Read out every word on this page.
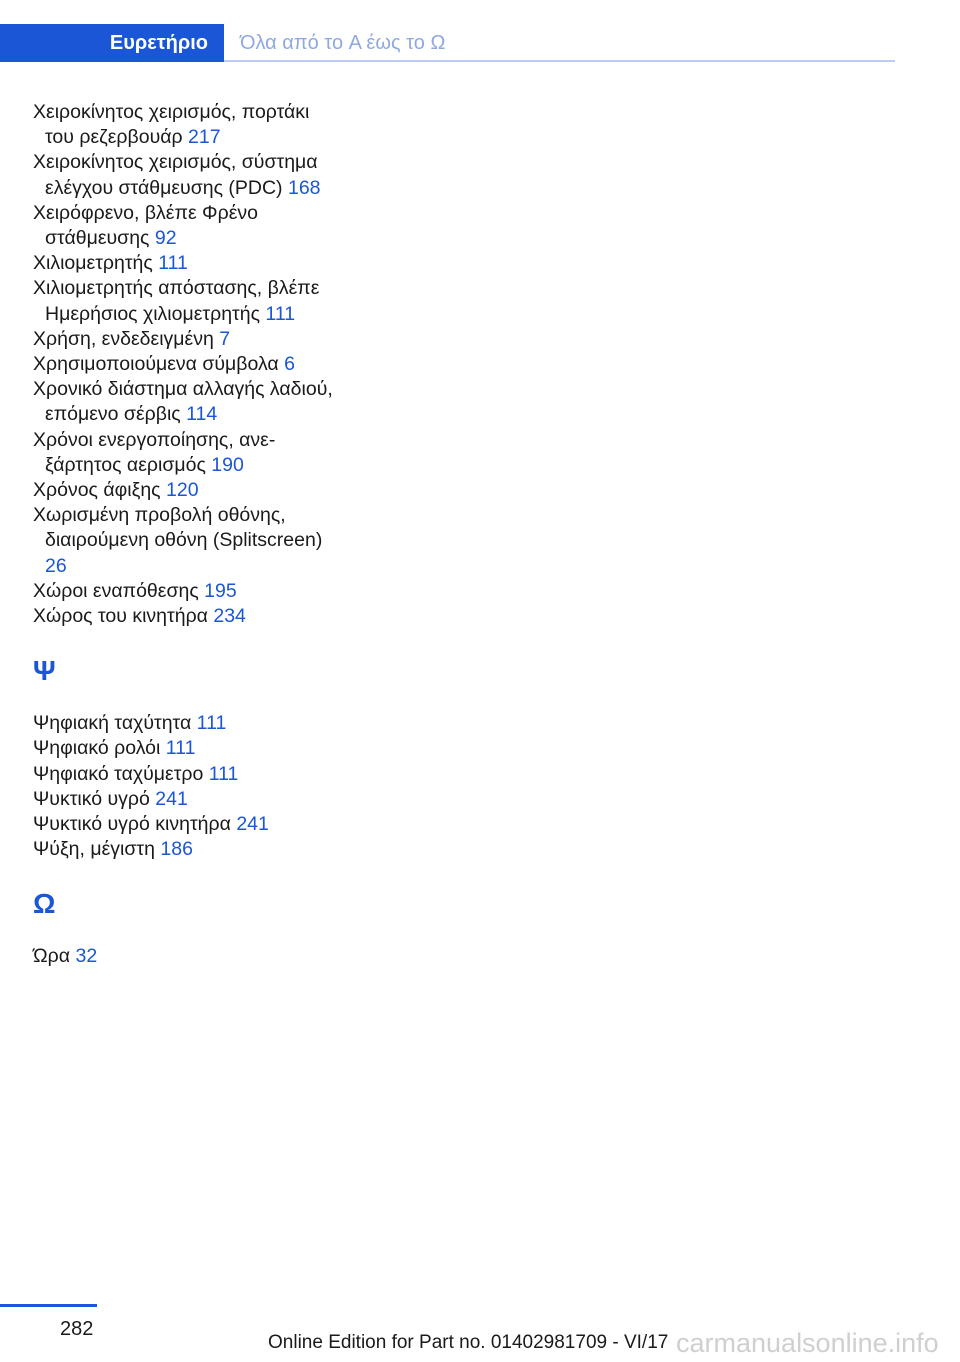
Ευρετήριο	Όλα από το A έως το Ω
Χειροκίνητος χειρισμός, πορτάκι του ρεζερβουάρ 217
Χειροκίνητος χειρισμός, σύστημα ελέγχου στάθμευσης (PDC) 168
Χειρόφρενο, βλέπε Φρένο στάθμευσης 92
Χιλιομετρητής 111
Χιλιομετρητής απόστασης, βλέπε Ημερήσιος χιλιομετρητής 111
Χρήση, ενδεδειγμένη 7
Χρησιμοποιούμενα σύμβολα 6
Χρονικό διάστημα αλλαγής λαδιού, επόμενο σέρβις 114
Χρόνοι ενεργοποίησης, ανεξάρτητος αερισμός 190
Χρόνος άφιξης 120
Χωρισμένη προβολή οθόνης, διαιρούμενη οθόνη (Splitscreen) 26
Χώροι εναπόθεσης 195
Χώρος του κινητήρα 234
Ψ
Ψηφιακή ταχύτητα 111
Ψηφιακό ρολόι 111
Ψηφιακό ταχύμετρο 111
Ψυκτικό υγρό 241
Ψυκτικό υγρό κινητήρα 241
Ψύξη, μέγιστη 186
Ω
Ώρα 32
282
Online Edition for Part no. 01402981709 - VI/17 carmanualsonline.info
